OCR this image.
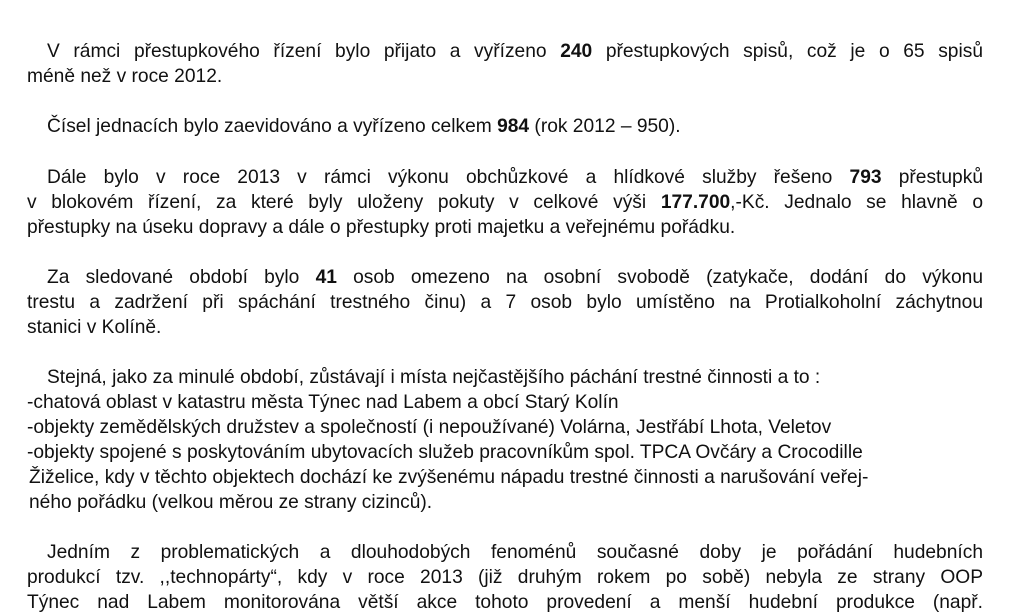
V rámci přestupkového řízení bylo přijato a vyřízeno 240 přestupkových spisů, což je o 65 spisů
méně než v roce 2012.
Čísel jednacích bylo zaevidováno a vyřízeno celkem 984 (rok 2012 – 950).
Dále bylo v roce 2013 v rámci výkonu obchůzkové a hlídkové služby řešeno 793 přestupků
v blokovém řízení, za které byly uloženy pokuty v celkové výši 177.700,-Kč. Jednalo se hlavně o
přestupky na úseku dopravy a dále o přestupky proti majetku a veřejnému pořádku.
Za sledované období bylo 41 osob omezeno na osobní svobodě (zatykače, dodání do výkonu
trestu a zadržení při spáchání trestného činu) a 7 osob bylo umístěno na Protialkoholní záchytnou
stanici v Kolíně.
Stejná, jako za minulé období, zůstávají i místa nejčastějšího páchání trestné činnosti a to :
-chatová oblast v katastru města Týnec nad Labem a obcí Starý Kolín
-objekty zemědělských družstev a společností (i nepoužívané) Volárna, Jestřábí Lhota, Veletov
-objekty spojené s poskytováním ubytovacích služeb pracovníkům spol. TPCA Ovčáry a Crocodille
Žiželice, kdy v těchto objektech dochází ke zvýšenému nápadu trestné činnosti a narušování veřej-
ného pořádku (velkou měrou ze strany cizinců).
Jedním z problematických a dlouhodobých fenoménů současné doby je pořádání hudebních
produkcí tzv. ,,technopárty“, kdy v roce 2013 (již druhým rokem po sobě) nebyla ze strany OOP
Týnec nad Labem monitorována větší akce tohoto provedení a menší hudební produkce (např.
